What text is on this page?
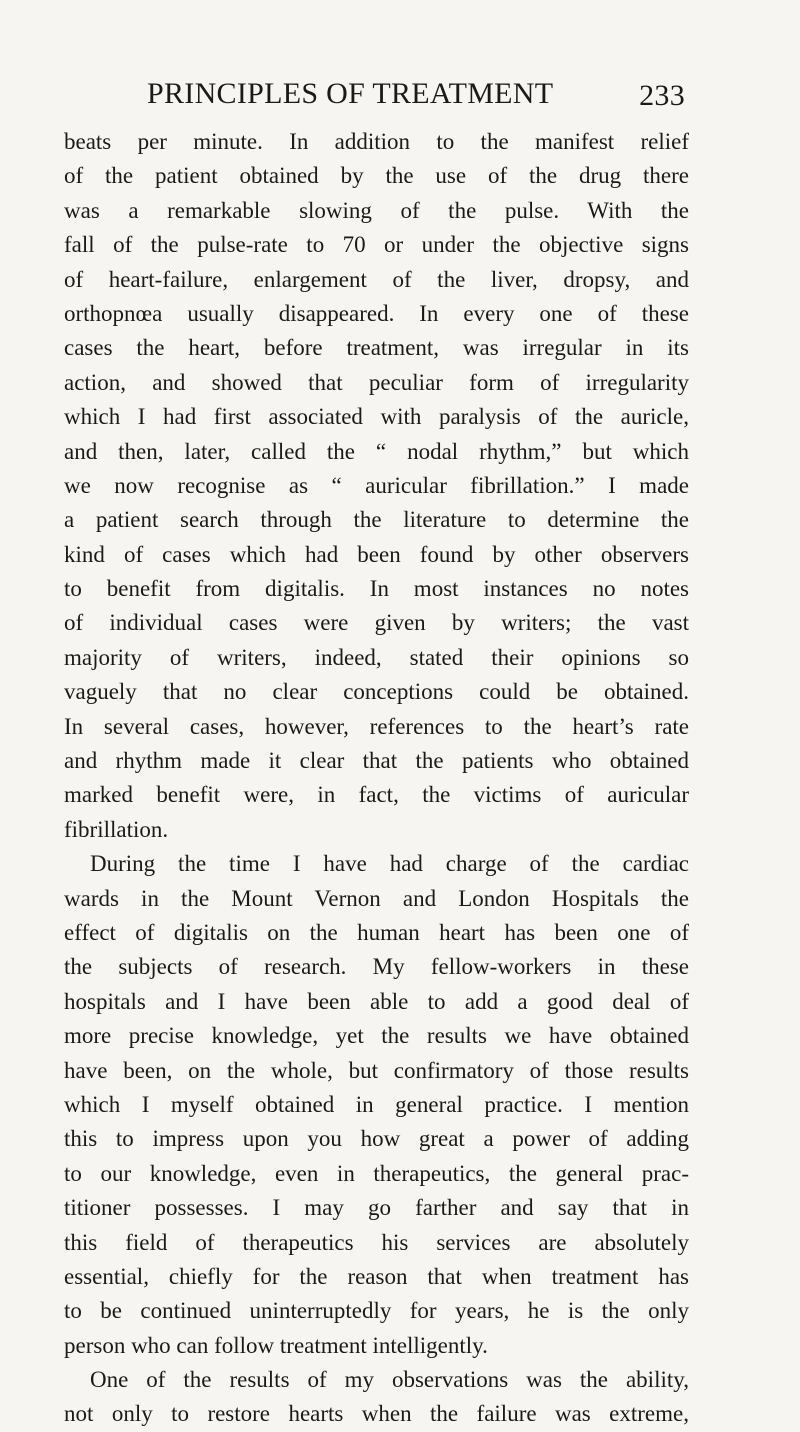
PRINCIPLES OF TREATMENT	233
beats per minute. In addition to the manifest relief
of the patient obtained by the use of the drug there
was a remarkable slowing of the pulse. With the
fall of the pulse-rate to 70 or under the objective signs
of heart-failure, enlargement of the liver, dropsy, and
orthopnœa usually disappeared. In every one of these
cases the heart, before treatment, was irregular in its
action, and showed that peculiar form of irregularity
which I had first associated with paralysis of the auricle,
and then, later, called the “ nodal rhythm,” but which
we now recognise as “ auricular fibrillation.” I made
a patient search through the literature to determine the
kind of cases which had been found by other observers
to benefit from digitalis. In most instances no notes
of individual cases were given by writers; the vast
majority of writers, indeed, stated their opinions so
vaguely that no clear conceptions could be obtained.
In several cases, however, references to the heart’s rate
and rhythm made it clear that the patients who obtained
marked benefit were, in fact, the victims of auricular
fibrillation.
During the time I have had charge of the cardiac
wards in the Mount Vernon and London Hospitals the
effect of digitalis on the human heart has been one of
the subjects of research. My fellow-workers in these
hospitals and I have been able to add a good deal of
more precise knowledge, yet the results we have obtained
have been, on the whole, but confirmatory of those results
which I myself obtained in general practice. I mention
this to impress upon you how great a power of adding
to our knowledge, even in therapeutics, the general prac-
titioner possesses. I may go farther and say that in
this field of therapeutics his services are absolutely
essential, chiefly for the reason that when treatment has
to be continued uninterruptedly for years, he is the only
person who can follow treatment intelligently.
One of the results of my observations was the ability,
not only to restore hearts when the failure was extreme,
